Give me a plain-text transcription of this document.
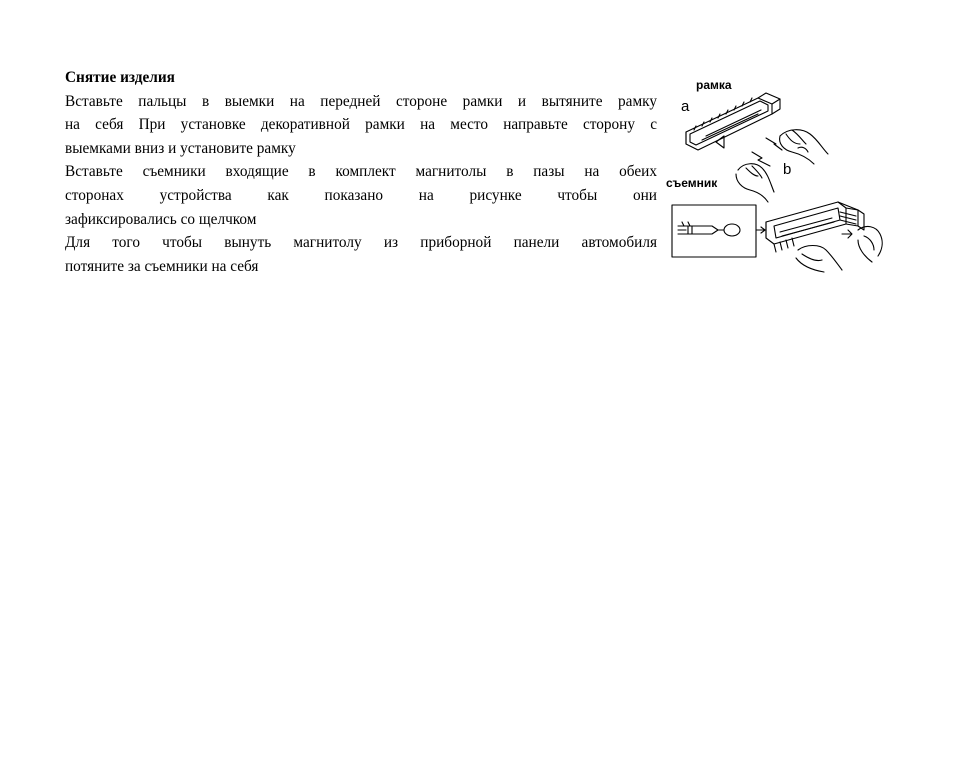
Снятие изделия

Вставьте пальцы в выемки на передней стороне рамки и вытяните рамку
на себя При установке декоративной рамки на место направьте сторону с
выемками вниз и установите рамку

Вставьте съемники входящие в комплект магнитолы в пазы на обеих
сторонах устройства как показано на рисунке чтобы они
зафиксировались со щелчком

Для того чтобы вынуть магнитолу из приборной панели автомобиля
потяните за съемники на себя

рамка
a
b
съемник
